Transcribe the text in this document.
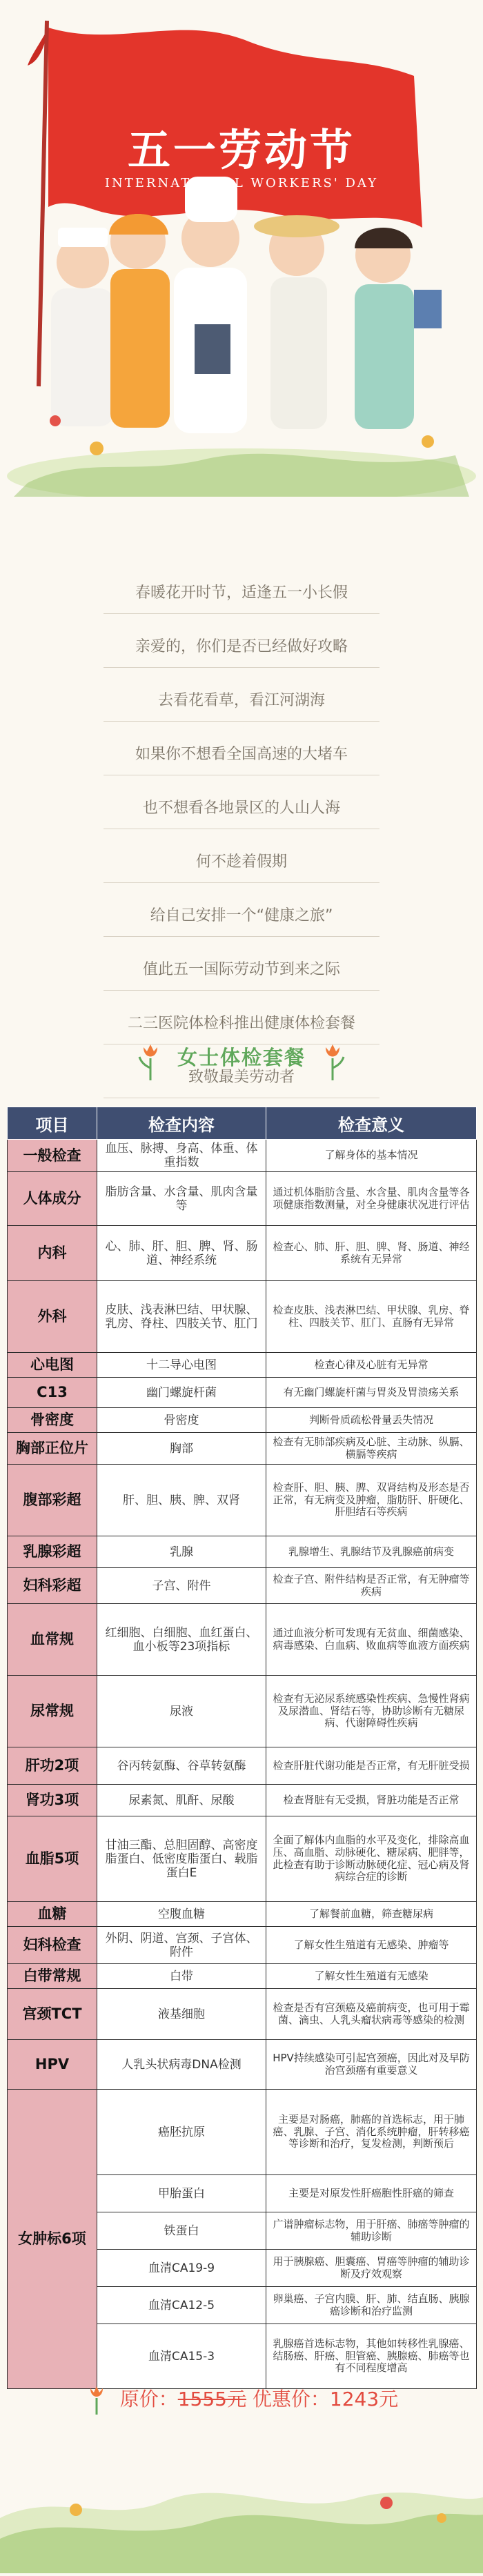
五一劳动节
INTERNATIONAL WORKERS' DAY
春暖花开时节，适逢五一小长假
亲爱的，你们是否已经做好攻略
去看花看草，看江河湖海
如果你不想看全国高速的大堵车
也不想看各地景区的人山人海
何不趁着假期
给自己安排一个“健康之旅”
值此五一国际劳动节到来之际
二三医院体检科推出健康体检套餐
致敬最美劳动者
女士体检套餐
项目	检查内容	检查意义
一般检查	血压、脉搏、身高、体重、体重指数	了解身体的基本情况
人体成分	脂肪含量、水含量、肌肉含量等	通过机体脂肪含量、水含量、肌肉含量等各项健康指数测量，对全身健康状况进行评估
内科	心、肺、肝、胆、脾、肾、肠道、神经系统	检查心、肺、肝、胆、脾、肾、肠道、神经系统有无异常
外科	皮肤、浅表淋巴结、甲状腺、乳房、脊柱、四肢关节、肛门	检查皮肤、浅表淋巴结、甲状腺、乳房、脊柱、四肢关节、肛门、直肠有无异常
心电图	十二导心电图	检查心律及心脏有无异常
C13	幽门螺旋杆菌	有无幽门螺旋杆菌与胃炎及胃溃疡关系
骨密度	骨密度	判断骨质疏松骨量丢失情况
胸部正位片	胸部	检查有无肺部疾病及心脏、主动脉、纵膈、横膈等疾病
腹部彩超	肝、胆、胰、脾、双肾	检查肝、胆、胰、脾、双肾结构及形态是否正常，有无病变及肿瘤，脂肪肝、肝硬化、肝胆结石等疾病
乳腺彩超	乳腺	乳腺增生、乳腺结节及乳腺癌前病变
妇科彩超	子宫、附件	检查子宫、附件结构是否正常，有无肿瘤等疾病
血常规	红细胞、白细胞、血红蛋白、血小板等23项指标	通过血液分析可发现有无贫血、细菌感染、病毒感染、白血病、败血病等血液方面疾病
尿常规	尿液	检查有无泌尿系统感染性疾病、急慢性肾病及尿潜血、肾结石等，协助诊断有无糖尿病、代谢障碍性疾病
肝功2项	谷丙转氨酶、谷草转氨酶	检查肝脏代谢功能是否正常，有无肝脏受损
肾功3项	尿素氮、肌酐、尿酸	检查肾脏有无受损，肾脏功能是否正常
血脂5项	甘油三酯、总胆固醇、高密度脂蛋白、低密度脂蛋白、载脂蛋白E	全面了解体内血脂的水平及变化，排除高血压、高血脂、动脉硬化、糖尿病、肥胖等，此检查有助于诊断动脉硬化症、冠心病及肾病综合症的诊断
血糖	空腹血糖	了解餐前血糖，筛查糖尿病
妇科检查	外阴、阴道、宫颈、子宫体、附件	了解女性生殖道有无感染、肿瘤等
白带常规	白带	了解女性生殖道有无感染
宫颈TCT	液基细胞	检查是否有宫颈癌及癌前病变，也可用于霉菌、滴虫、人乳头瘤状病毒等感染的检测
HPV	人乳头状病毒DNA检测	HPV持续感染可引起宫颈癌，因此对及早防治宫颈癌有重要意义
女肿标6项	癌胚抗原	主要是对肠癌，肺癌的首选标志，用于肺癌、乳腺、子宫、消化系统肿瘤，肝转移癌等诊断和治疗，复发检测，判断预后
	甲胎蛋白	主要是对原发性肝癌胞性肝癌的筛查
	铁蛋白	广谱肿瘤标志物，用于肝癌、肺癌等肿瘤的辅助诊断
	血清CA19-9	用于胰腺癌、胆囊癌、胃癌等肿瘤的辅助诊断及疗效观察
	血清CA12-5	卵巢癌、子宫内膜、肝、肺、结直肠、胰腺癌诊断和治疗监测
	血清CA15-3	乳腺癌首选标志物，其他如转移性乳腺癌、结肠癌、肝癌、胆管癌、胰腺癌、肺癌等也有不同程度增高
原价：1555元 优惠价：1243元
